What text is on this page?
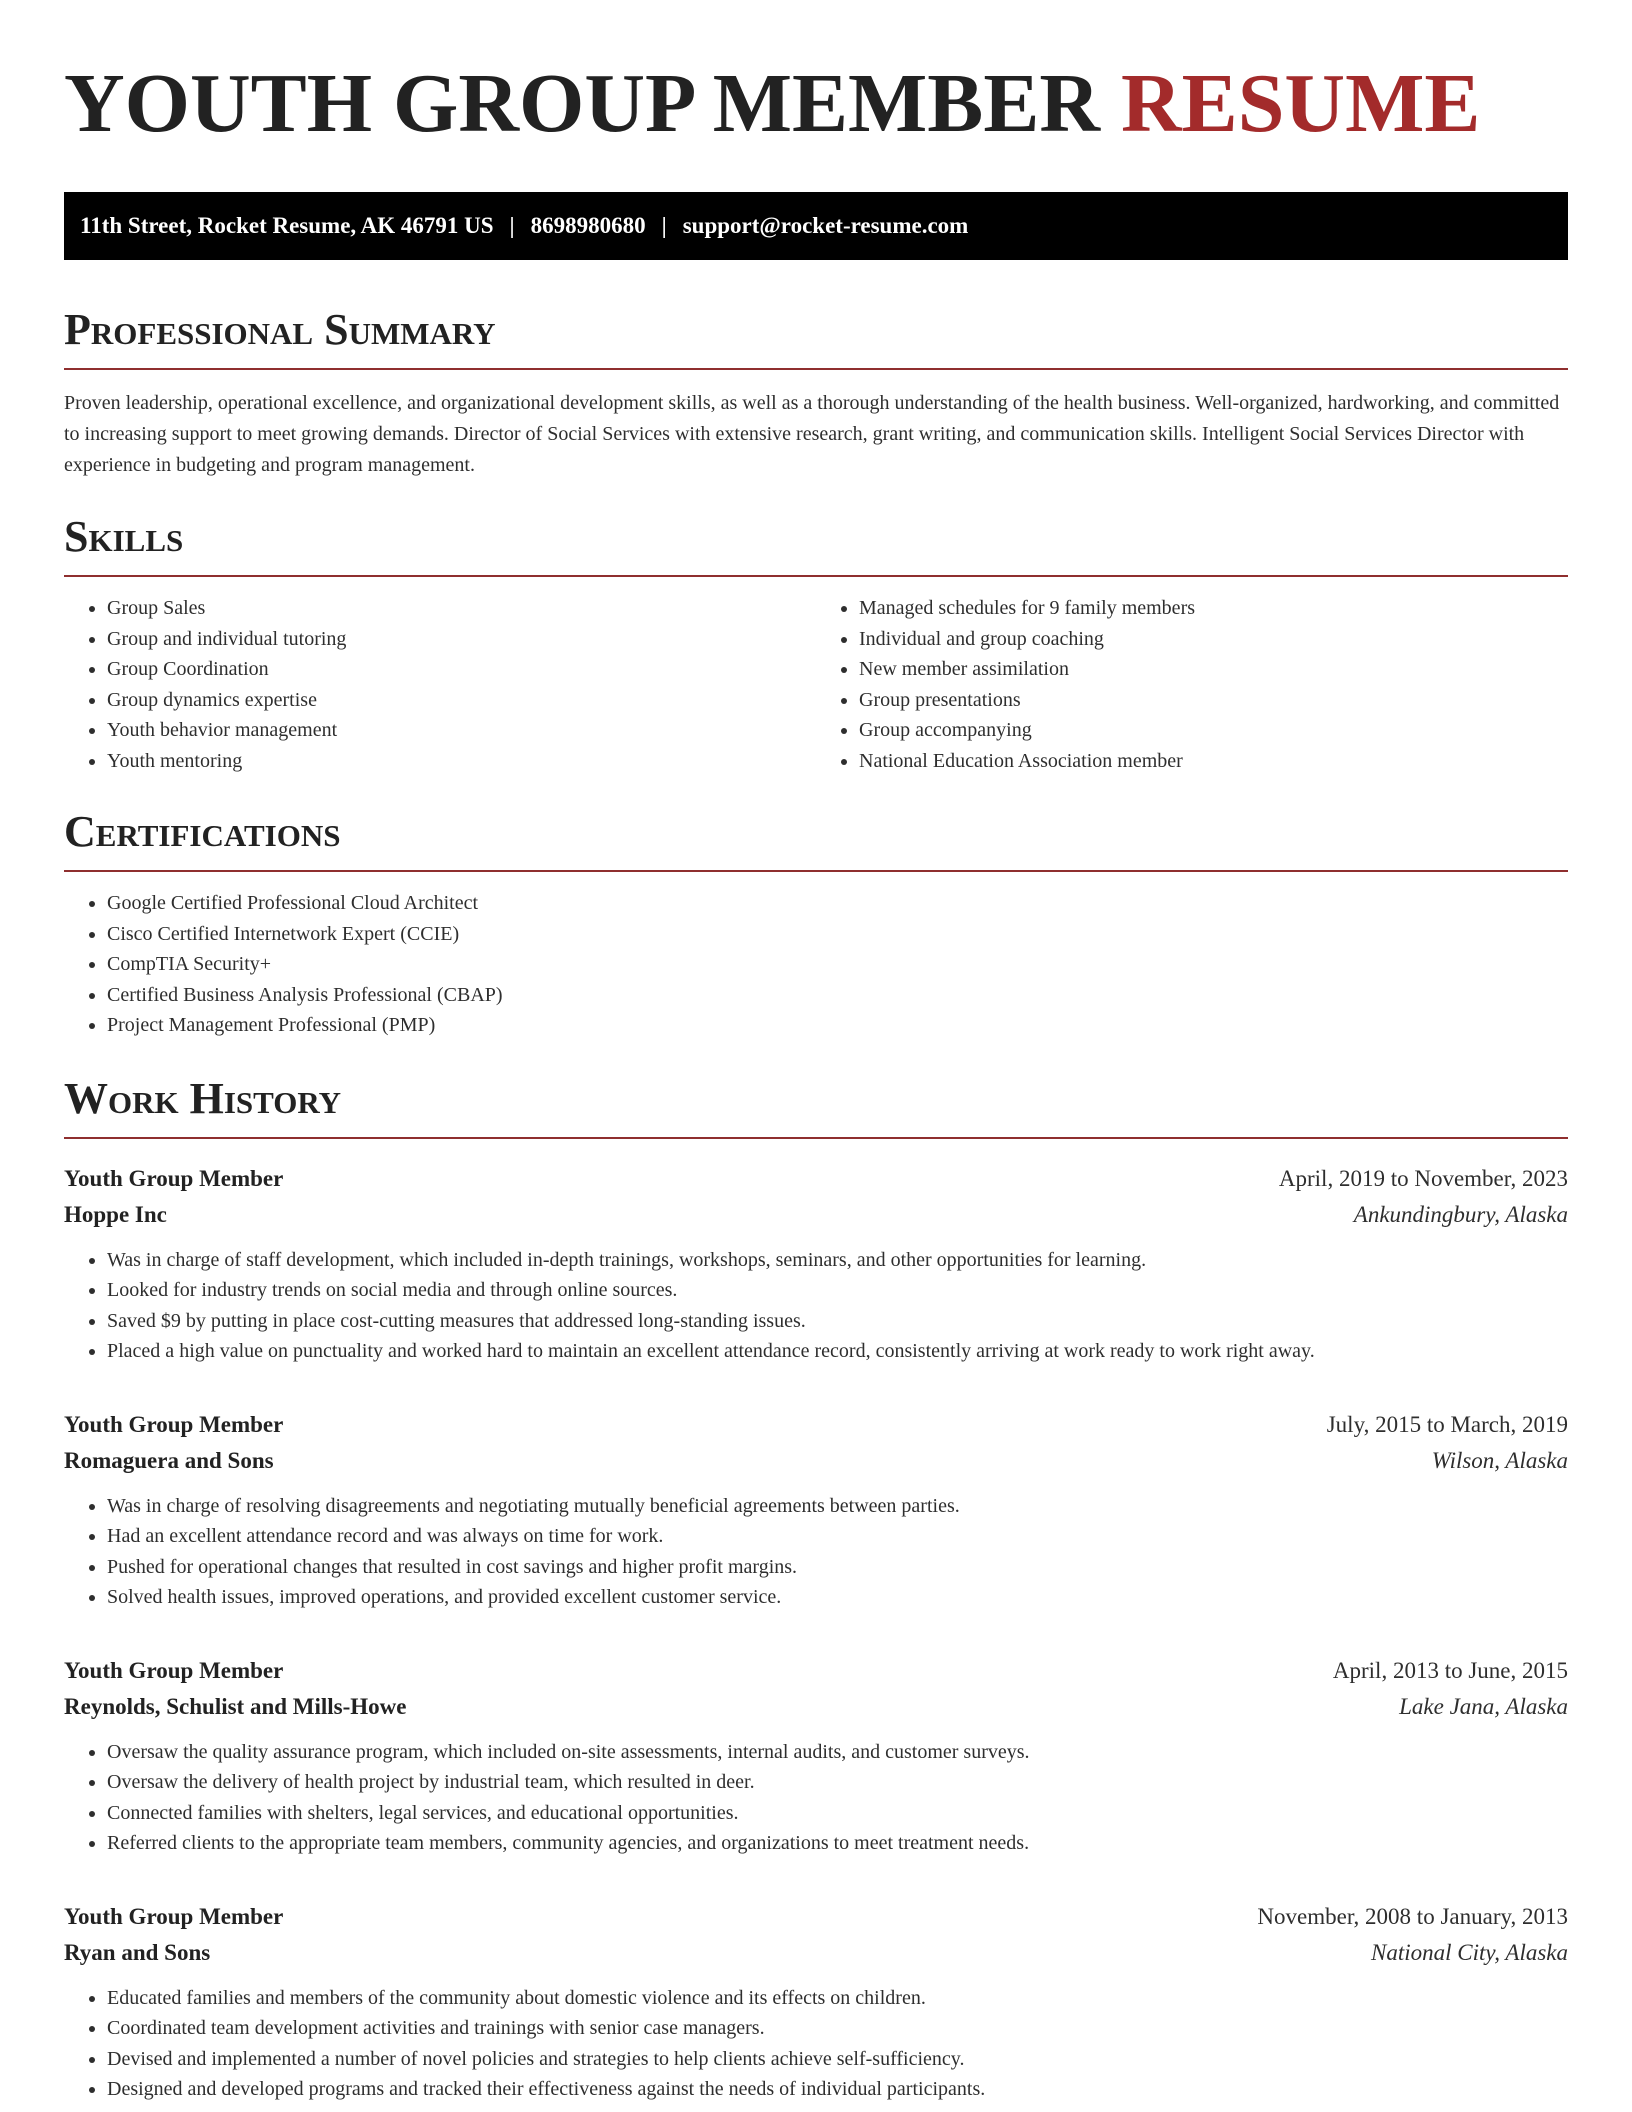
YOUTH GROUP MEMBER RESUME
11th Street, Rocket Resume, AK 46791 US | 8698980680 | support@rocket-resume.com
Professional Summary

Proven leadership, operational excellence, and organizational development skills, as well as a thorough understanding of the health business. Well-organized, hardworking, and committed to increasing support to meet growing demands. Director of Social Services with extensive research, grant writing, and communication skills. Intelligent Social Services Director with experience in budgeting and program management.

Skills
• Group Sales
• Group and individual tutoring
• Group Coordination
• Group dynamics expertise
• Youth behavior management
• Youth mentoring
• Managed schedules for 9 family members
• Individual and group coaching
• New member assimilation
• Group presentations
• Group accompanying
• National Education Association member
Certifications
• Google Certified Professional Cloud Architect
• Cisco Certified Internetwork Expert (CCIE)
• CompTIA Security+
• Certified Business Analysis Professional (CBAP)
• Project Management Professional (PMP)
Work History
Youth Group Member	April, 2019 to November, 2023
Hoppe Inc	Ankundingbury, Alaska
• Was in charge of staff development, which included in-depth trainings, workshops, seminars, and other opportunities for learning.
• Looked for industry trends on social media and through online sources.
• Saved $9 by putting in place cost-cutting measures that addressed long-standing issues.
• Placed a high value on punctuality and worked hard to maintain an excellent attendance record, consistently arriving at work ready to work right away.
Youth Group Member	July, 2015 to March, 2019
Romaguera and Sons	Wilson, Alaska
• Was in charge of resolving disagreements and negotiating mutually beneficial agreements between parties.
• Had an excellent attendance record and was always on time for work.
• Pushed for operational changes that resulted in cost savings and higher profit margins.
• Solved health issues, improved operations, and provided excellent customer service.
Youth Group Member	April, 2013 to June, 2015
Reynolds, Schulist and Mills-Howe	Lake Jana, Alaska
• Oversaw the quality assurance program, which included on-site assessments, internal audits, and customer surveys.
• Oversaw the delivery of health project by industrial team, which resulted in deer.
• Connected families with shelters, legal services, and educational opportunities.
• Referred clients to the appropriate team members, community agencies, and organizations to meet treatment needs.
Youth Group Member	November, 2008 to January, 2013
Ryan and Sons	National City, Alaska
• Educated families and members of the community about domestic violence and its effects on children.
• Coordinated team development activities and trainings with senior case managers.
• Devised and implemented a number of novel policies and strategies to help clients achieve self-sufficiency.
• Designed and developed programs and tracked their effectiveness against the needs of individual participants.
